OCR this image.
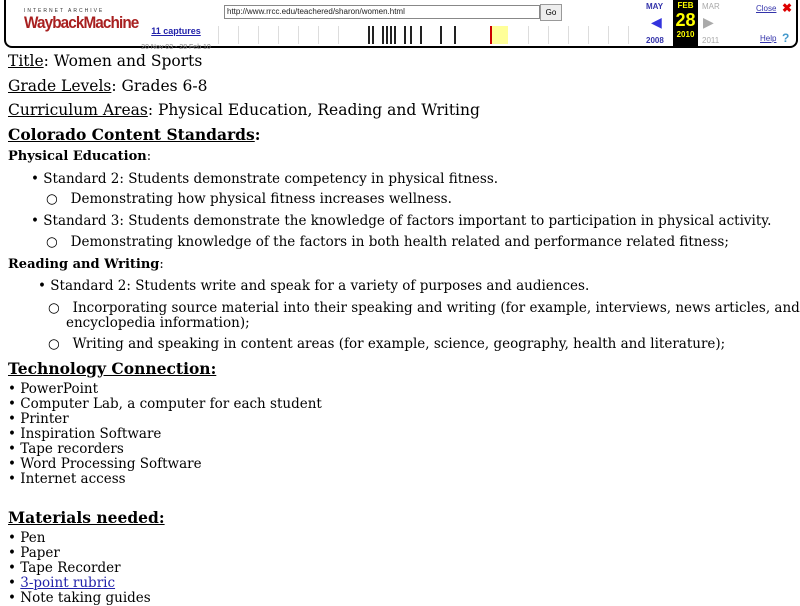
INTERNET ARCHIVE
WaybackMachine	11 captures
20 Nov 03 - 28 Feb 10
http://www.rrcc.edu/teachered/sharon/women.html	Go
MAY
◀
2008
FEB
28
2010
MAR
▶
2011
Close ✖
Help ?
Title: Women and Sports
Grade Levels: Grades 6-8
Curriculum Areas: Physical Education, Reading and Writing
Colorado Content Standards:
Physical Education:
• Standard 2: Students demonstrate competency in physical fitness.
○   Demonstrating how physical fitness increases wellness.
• Standard 3: Students demonstrate the knowledge of factors important to participation in physical activity.
○   Demonstrating knowledge of the factors in both health related and performance related fitness;
Reading and Writing:
• Standard 2: Students write and speak for a variety of purposes and audiences.
○   Incorporating source material into their speaking and writing (for example, interviews, news articles, and
encyclopedia information);
○   Writing and speaking in content areas (for example, science, geography, health and literature);
Technology Connection:
• PowerPoint
• Computer Lab, a computer for each student
• Printer
• Inspiration Software
• Tape recorders
• Word Processing Software
• Internet access
Materials needed:
• Pen
• Paper
• Tape Recorder
• 3-point rubric
• Note taking guides
